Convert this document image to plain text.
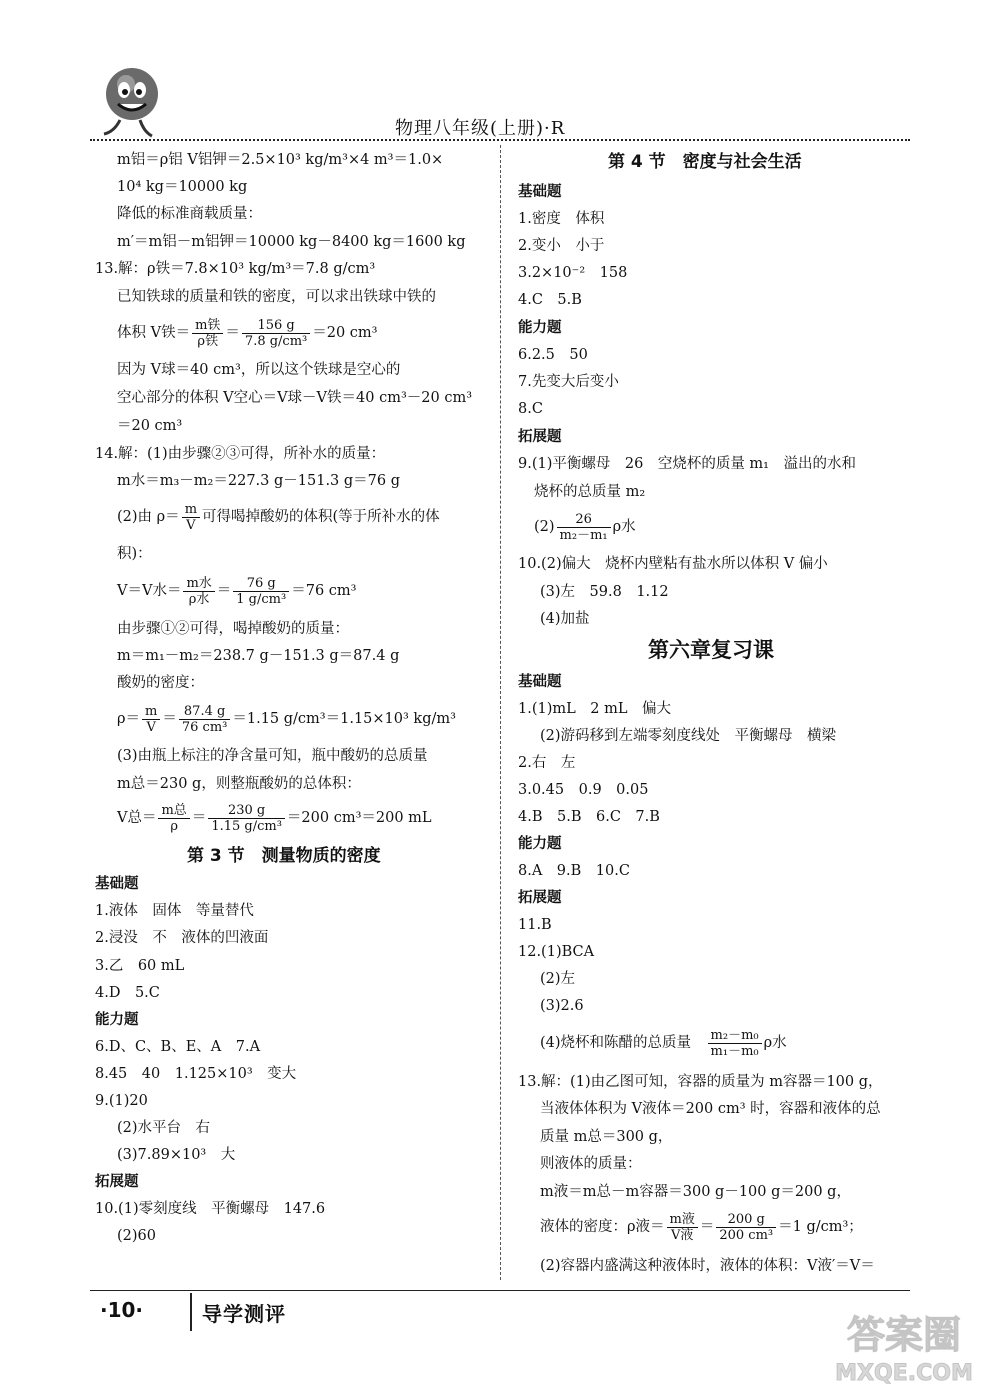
物理八年级(上册)·R
m铝＝ρ铝 V铝钾＝2.5×10³ kg/m³×4 m³＝1.0×
10⁴ kg＝10000 kg
降低的标准商载质量：
m′＝m铝－m铝钾＝10000 kg－8400 kg＝1600 kg
13.解：ρ铁＝7.8×10³ kg/m³＝7.8 g/cm³
已知铁球的质量和铁的密度，可以求出铁球中铁的
体积 V铁＝ $\frac{\text{m铁}}{\text{ρ铁}} = \frac{156 g}{\text{7.8 g/cm³}} =20$ cm³
因为 V球＝40 cm³，所以这个铁球是空心的
空心部分的体积 V空心＝V球－V铁＝40 cm³－20 cm³
＝20 cm³
14.解：(1)由步骤②③可得，所补水的质量：
m水＝m₃－m₂＝227.3 g－151.3 g＝76 g
(2)由 $\rho= \frac{m}{V}$ 可得喝掉酸奶的体积(等于所补水的体
积)：
V＝V水＝ $\frac{\text{m水}}{\text{ρ水}} = \frac{76 g}{\text{1 g/cm³}} =76$ cm³
由步骤①②可得，喝掉酸奶的质量：
m＝m₁－m₂＝238.7 g－151.3 g＝87.4 g
酸奶的密度：
$\rho= \frac{m}{V} = \frac{87.4 g}{\text{76 cm³}} =1.15$ g/cm³＝1.15×10³ kg/m³
(3)由瓶上标注的净含量可知，瓶中酸奶的总质量
m总＝230 g，则整瓶酸奶的总体积：
V总＝ $\frac{\text{m总}}{\rho} = \frac{230 g}{\text{1.15 g/cm³}} =200$ cm³＝200 mL
第 3 节　测量物质的密度
基础题
1.液体　固体　等量替代
2.浸没　不　液体的凹液面
3.乙　60 mL
4.D　5.C
能力题
6.D、C、B、E、A　7.A
8.45　40　1.125×10³　变大
9.(1)20
(2)水平台　右
(3)7.89×10³　大
拓展题
10.(1)零刻度线　平衡螺母　147.6
(2)60
第 4 节　密度与社会生活
基础题
1.密度　体积
2.变小　小于
3.2×10⁻²　158
4.C　5.B
能力题
6.2.5　50
7.先变大后变小
8.C
拓展题
9.(1)平衡螺母　26　空烧杯的质量 m₁　溢出的水和
烧杯的总质量 m₂
$(2) \frac{26}{\text{m₂－m₁}}$ ρ水
10.(2)偏大　烧杯内壁粘有盐水所以体积 V 偏小
(3)左　59.8　1.12
(4)加盐
第六章复习课
基础题
1.(1)mL　2 mL　偏大
(2)游码移到左端零刻度线处　平衡螺母　横梁
2.右　左
3.0.45　0.9　0.05
4.B　5.B　6.C　7.B
能力题
8.A　9.B　10.C
拓展题
11.B
12.(1)BCA
(2)左
(3)2.6
(4)烧杯和陈醋的总质量　 $\frac{\text{m₂－m₀}}{\text{m₁－m₀}}$ ρ水
13.解：(1)由乙图可知，容器的质量为 m容器＝100 g，
当液体体积为 V液体＝200 cm³ 时，容器和液体的总
质量 m总＝300 g，
则液体的质量：
m液＝m总－m容器＝300 g－100 g＝200 g，
液体的密度：ρ液＝ $\frac{\text{m液}}{\text{V液}} = \frac{200 g}{\text{200 cm³}} =1$ g/cm³；
(2)容器内盛满这种液体时，液体的体积：V液′＝V＝
·10·	导学测评	答案圈
MXQE.COM
